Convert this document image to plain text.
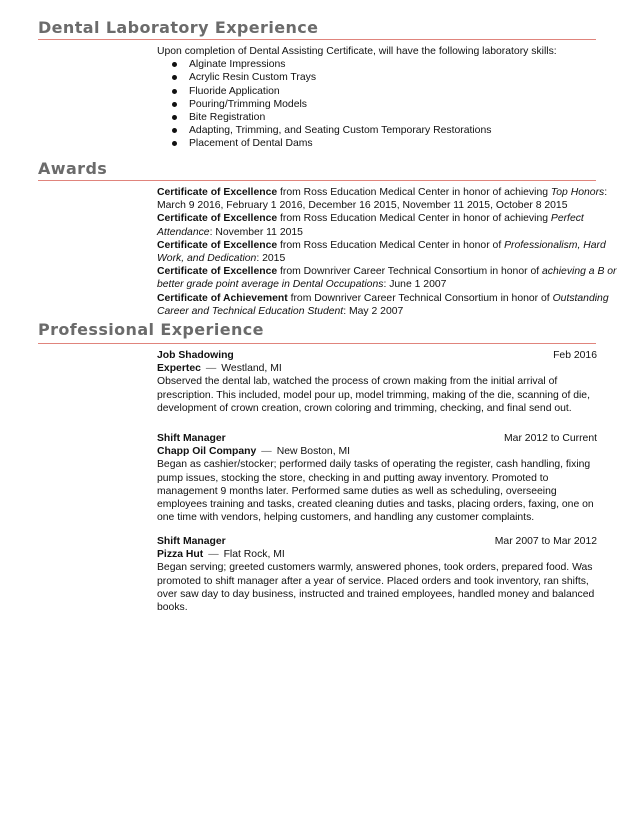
Dental Laboratory Experience

Upon completion of Dental Assisting Certificate, will have the following laboratory skills:

Alginate Impressions
Acrylic Resin Custom Trays
Fluoride Application
Pouring/Trimming Models
Bite Registration
Adapting, Trimming, and Seating Custom Temporary Restorations
Placement of Dental Dams
Awards

Certificate of Excellence from Ross Education Medical Center in honor of achieving Top Honors: March 9 2016, February 1 2016, December 16 2015, November 11 2015, October 8 2015

Certificate of Excellence from Ross Education Medical Center in honor of achieving Perfect Attendance: November 11 2015

Certificate of Excellence from Ross Education Medical Center in honor of Professionalism, Hard Work, and Dedication: 2015

Certificate of Excellence from Downriver Career Technical Consortium in honor of achieving a B or better grade point average in Dental Occupations: June 1 2007

Certificate of Achievement from Downriver Career Technical Consortium in honor of Outstanding Career and Technical Education Student: May 2 2007

Professional Experience
Job Shadowing	Feb 2016
Expertec — Westland, MI

Observed the dental lab, watched the process of crown making from the initial arrival of prescription. This included, model pour up, model trimming, making of the die, scanning of die, development of crown creation, crown coloring and trimming, checking, and final send out.

Shift Manager	Mar 2012 to Current
Chapp Oil Company — New Boston, MI

Began as cashier/stocker; performed daily tasks of operating the register, cash handling, fixing pump issues, stocking the store, checking in and putting away inventory. Promoted to management 9 months later. Performed same duties as well as scheduling, overseeing employees training and tasks, created cleaning duties and tasks, placing orders, faxing, one on one time with vendors, helping customers, and handling any customer complaints.

Shift Manager	Mar 2007 to Mar 2012
Pizza Hut — Flat Rock, MI

Began serving; greeted customers warmly, answered phones, took orders, prepared food. Was promoted to shift manager after a year of service. Placed orders and took inventory, ran shifts, over saw day to day business, instructed and trained employees, handled money and balanced books.
